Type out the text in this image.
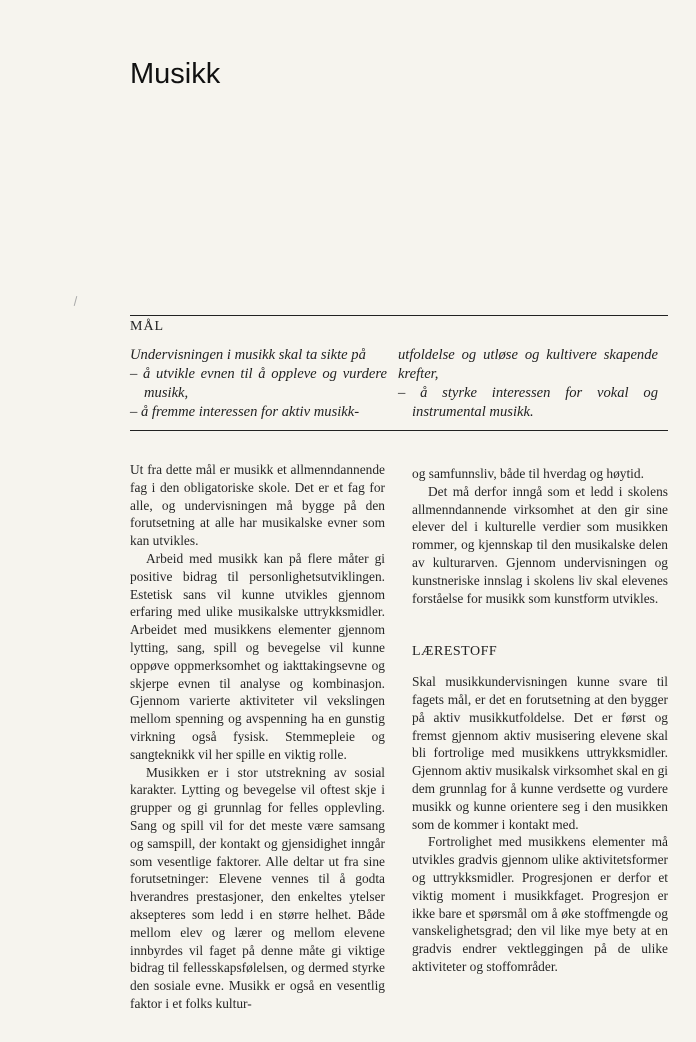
Musikk
MÅL

Undervisningen i musikk skal ta sikte på

– å utvikle evnen til å oppleve og vurdere musikk,

– å fremme interessen for aktiv musikk-

utfoldelse og utløse og kultivere skapende krefter,

– å styrke interessen for vokal og instrumental musikk.

Ut fra dette mål er musikk et allmenndannende fag i den obligatoriske skole. Det er et fag for alle, og undervisningen må bygge på den forutsetning at alle har musikalske evner som kan utvikles.

Arbeid med musikk kan på flere måter gi positive bidrag til personlighetsutviklingen. Estetisk sans vil kunne utvikles gjennom erfaring med ulike musikalske uttrykksmidler. Arbeidet med musikkens elementer gjennom lytting, sang, spill og bevegelse vil kunne oppøve oppmerksomhet og iakttakingsevne og skjerpe evnen til analyse og kombinasjon. Gjennom varierte aktiviteter vil vekslingen mellom spenning og avspenning ha en gunstig virkning også fysisk. Stemmepleie og sangteknikk vil her spille en viktig rolle.

Musikken er i stor utstrekning av sosial karakter. Lytting og bevegelse vil oftest skje i grupper og gi grunnlag for felles opplevling. Sang og spill vil for det meste være samsang og samspill, der kontakt og gjensidighet inngår som vesentlige faktorer. Alle deltar ut fra sine forutsetninger: Elevene vennes til å godta hverandres prestasjoner, den enkeltes ytelser aksepteres som ledd i en større helhet. Både mellom elev og lærer og mellom elevene innbyrdes vil faget på denne måte gi viktige bidrag til fellesskapsfølelsen, og dermed styrke den sosiale evne. Musikk er også en vesentlig faktor i et folks kultur-

og samfunnsliv, både til hverdag og høytid.

Det må derfor inngå som et ledd i skolens allmenndannende virksomhet at den gir sine elever del i kulturelle verdier som musikken rommer, og kjennskap til den musikalske delen av kulturarven. Gjennom undervisningen og kunstneriske innslag i skolens liv skal elevenes forståelse for musikk som kunstform utvikles.

LÆRESTOFF

Skal musikkundervisningen kunne svare til fagets mål, er det en forutsetning at den bygger på aktiv musikkutfoldelse. Det er først og fremst gjennom aktiv musisering elevene skal bli fortrolige med musikkens uttrykksmidler. Gjennom aktiv musikalsk virksomhet skal en gi dem grunnlag for å kunne verdsette og vurdere musikk og kunne orientere seg i den musikken som de kommer i kontakt med.

Fortrolighet med musikkens elementer må utvikles gradvis gjennom ulike aktivitetsformer og uttrykksmidler. Progresjonen er derfor et viktig moment i musikkfaget. Progresjon er ikke bare et spørsmål om å øke stoffmengde og vanskelighetsgrad; den vil like mye bety at en gradvis endrer vektleggingen på de ulike aktiviteter og stoffområder.
